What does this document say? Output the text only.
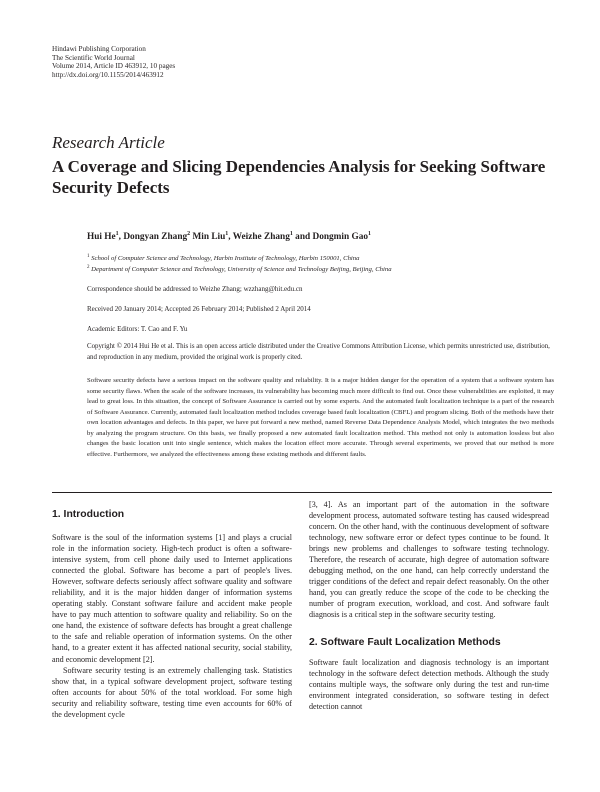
Hindawi Publishing Corporation
The Scientific World Journal
Volume 2014, Article ID 463912, 10 pages
http://dx.doi.org/10.1155/2014/463912
Research Article
A Coverage and Slicing Dependencies Analysis for Seeking Software Security Defects
Hui He$^1$, Dongyan Zhang$^2$ Min Liu$^1$, Weizhe Zhang$^1$ and Dongmin Gao$^1$
$^1$ School of Computer Science and Technology, Harbin Institute of Technology, Harbin 150001, China
$^2$ Department of Computer Science and Technology, University of Science and Technology Beijing, Beijing, China
Correspondence should be addressed to Weizhe Zhang; wzzhang@hit.edu.cn
Received 20 January 2014; Accepted 26 February 2014; Published 2 April 2014
Academic Editors: T. Cao and F. Yu
Copyright © 2014 Hui He et al. This is an open access article distributed under the Creative Commons Attribution License, which permits unrestricted use, distribution, and reproduction in any medium, provided the original work is properly cited.

Software security defects have a serious impact on the software quality and reliability. It is a major hidden danger for the operation of a system that a software system has some security flaws. When the scale of the software increases, its vulnerability has becoming much more difficult to find out. Once these vulnerabilities are exploited, it may lead to great loss. In this situation, the concept of Software Assurance is carried out by some experts. And the automated fault localization technique is a part of the research of Software Assurance. Currently, automated fault localization method includes coverage based fault localization (CBFL) and program slicing. Both of the methods have their own location advantages and defects. In this paper, we have put forward a new method, named Reverse Data Dependence Analysis Model, which integrates the two methods by analyzing the program structure. On this basis, we finally proposed a new automated fault localization method. This method not only is automation lossless but also changes the basic location unit into single sentence, which makes the location effect more accurate. Through several experiments, we proved that our method is more effective. Furthermore, we analyzed the effectiveness among these existing methods and different faults.

1. Introduction

Software is the soul of the information systems [1] and plays a crucial role in the information society. High-tech product is often a software-intensive system, from cell phone daily used to Internet applications connected the global. Software has become a part of people's lives. However, software defects seriously affect software quality and software reliability, and it is the major hidden danger of information systems operating stably. Constant software failure and accident make people have to pay much attention to software quality and reliability. So on the one hand, the existence of software defects has brought a great challenge to the safe and reliable operation of information systems. On the other hand, to a greater extent it has affected national security, social stability, and economic development [2].

Software security testing is an extremely challenging task. Statistics show that, in a typical software development project, software testing often accounts for about 50% of the total workload. For some high security and reliability software, testing time even accounts for 60% of the development cycle

[3, 4]. As an important part of the automation in the software development process, automated software testing has caused widespread concern. On the other hand, with the continuous development of software technology, new software error or defect types continue to be found. It brings new problems and challenges to software testing technology. Therefore, the research of accurate, high degree of automation software debugging method, on the one hand, can help correctly understand the trigger conditions of the defect and repair defect reasonably. On the other hand, you can greatly reduce the scope of the code to be checking the number of program execution, workload, and cost. And software fault diagnosis is a critical step in the software security testing.

2. Software Fault Localization Methods

Software fault localization and diagnosis technology is an important technology in the software defect detection methods. Although the study contains multiple ways, the software only during the test and run-time environment integrated consideration, so software testing in defect detection cannot
